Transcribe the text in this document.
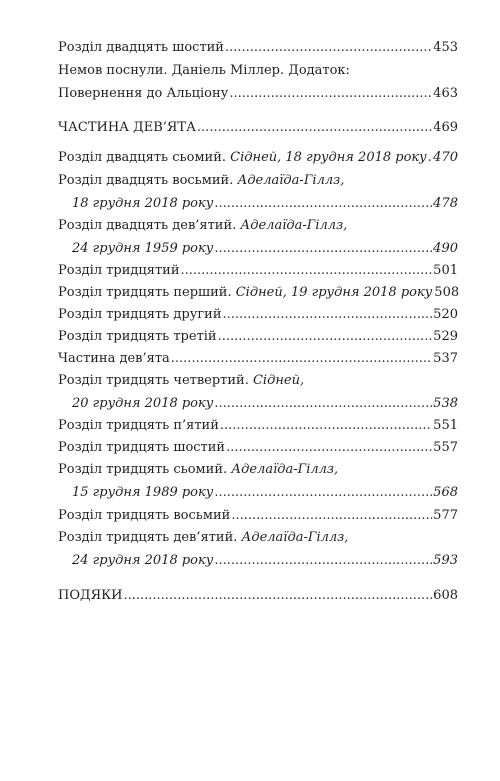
Розділ двадцять шостий .....	453
Немов поснули. Даніель Міллер. Додаток:
Повернення до Альціону .....	463
ЧАСТИНА ДЕВ’ЯТА .....	469
Розділ двадцять сьомий. Сідней, 18 грудня 2018 року ..... 470
Розділ двадцять восьмий. Аделаїда-Гіллз,
18 грудня 2018 року .....	478
Розділ двадцять дев’ятий. Аделаїда-Гіллз,
24 грудня 1959 року .....	490
Розділ тридцятий .....	501
Розділ тридцять перший. Сідней, 19 грудня 2018 року 508
Розділ тридцять другий .....	520
Розділ тридцять третій .....	529
Частина дев’ята .....	537
Розділ тридцять четвертий. Сідней,
20 грудня 2018 року .....	538
Розділ тридцять п’ятий .....	551
Розділ тридцять шостий .....	557
Розділ тридцять сьомий. Аделаїда-Гіллз,
15 грудня 1989 року .....	568
Розділ тридцять восьмий .....	577
Розділ тридцять дев’ятий. Аделаїда-Гіллз,
24 грудня 2018 року .....	593
ПОДЯКИ .....	608
